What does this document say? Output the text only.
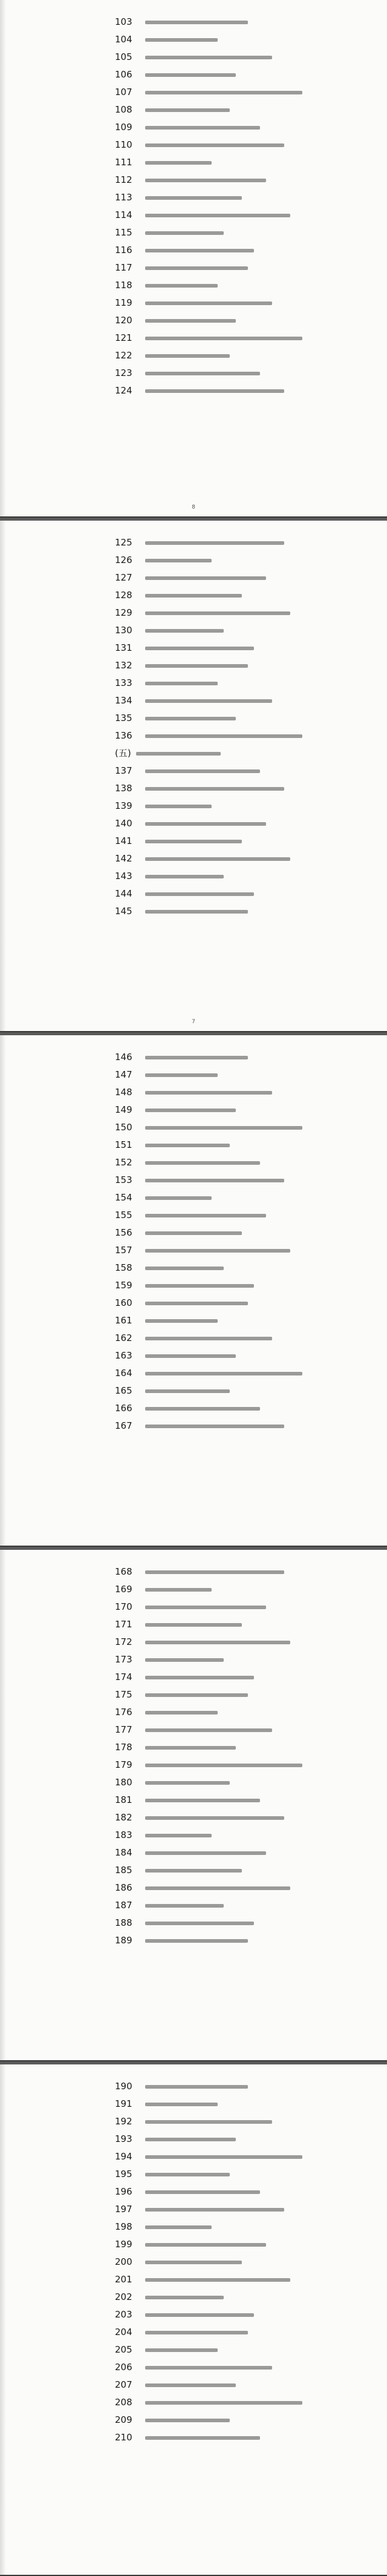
103
104
105
106
107
108
109
110
111
112
113
114
115
116
117
118
119
120
121
122
123
124
8
125
126
127
128
129
130
131
132
133
134
135
136
(五)
137
138
139
140
141
142
143
144
145
7
146
147
148
149
150
151
152
153
154
155
156
157
158
159
160
161
162
163
164
165
166
167
168
169
170
171
172
173
174
175
176
177
178
179
180
181
182
183
184
185
186
187
188
189
190
191
192
193
194
195
196
197
198
199
200
201
202
203
204
205
206
207
208
209
210
